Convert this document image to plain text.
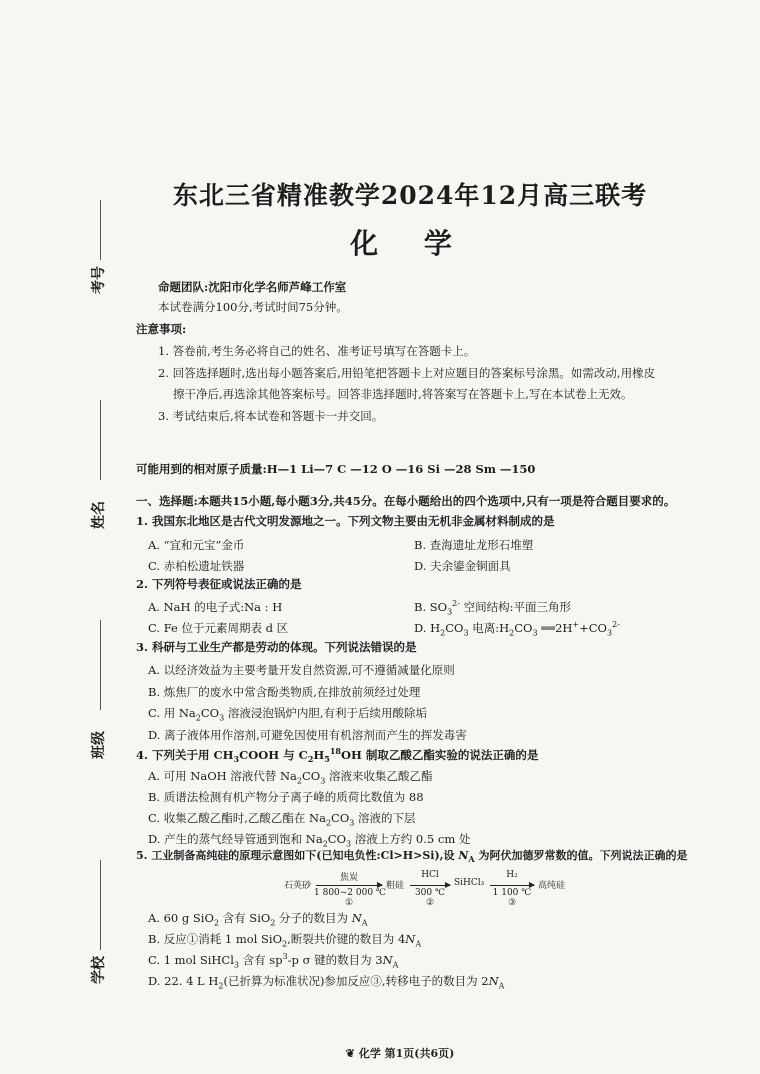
考号
姓名
班级
学校
东北三省精准教学2024年12月高三联考
化 学
命题团队:沈阳市化学名师芦峰工作室
本试卷满分100分,考试时间75分钟。
注意事项:
1. 答卷前,考生务必将自己的姓名、准考证号填写在答题卡上。
2. 回答选择题时,选出每小题答案后,用铅笔把答题卡上对应题目的答案标号涂黑。如需改动,用橡皮
擦干净后,再选涂其他答案标号。回答非选择题时,将答案写在答题卡上,写在本试卷上无效。
3. 考试结束后,将本试卷和答题卡一并交回。
可能用到的相对原子质量:H—1 Li—7 C —12 O —16 Si —28 Sm —150
一、选择题:本题共15小题,每小题3分,共45分。在每小题给出的四个选项中,只有一项是符合题目要求的。
1. 我国东北地区是古代文明发源地之一。下列文物主要由无机非金属材料制成的是
A. “宜和元宝”金币	B. 查海遗址龙形石堆塑
C. 赤柏松遗址铁器	D. 夫余鎏金铜面具
2. 下列符号表征或说法正确的是
A. NaH 的电子式:Na : H	B. $SO_3^{2-}$ 空间结构:平面三角形
C. Fe 位于元素周期表 d 区	D. $H_2CO_3$ 电离$:H_2CO_3$ $══2H^++CO_3^{2-}$
3. 科研与工业生产都是劳动的体现。下列说法错误的是
A. 以经济效益为主要考量开发自然资源,可不遵循减量化原则
B. 炼焦厂的废水中常含酚类物质,在排放前须经过处理
C. 用 $Na_2CO_3$ 溶液浸泡锅炉内胆,有利于后续用酸除垢
D. 离子液体用作溶剂,可避免因使用有机溶剂而产生的挥发毒害
4. 下列关于用 $CH_3COOH$ 与 $C_2H_5^{18}OH$ 制取乙酸乙酯实验的说法正确的是
A. 可用 NaOH 溶液代替 $Na_2CO_3$ 溶液来收集乙酸乙酯
B. 质谱法检测有机产物分子离子峰的质荷比数值为 88
C. 收集乙酸乙酯时,乙酸乙酯在 $Na_2CO_3$ 溶液的下层
D. 产生的蒸气经导管通到饱和 $Na_2CO_3$ 溶液上方约 0.5 cm 处
5. 工业制备高纯硅的原理示意图如下(已知电负性:Cl>H>Si),设 $N_A$ 为阿伏加德罗常数的值。下列说法正确的是
石英砂
焦炭
1 800~2 000 ℃
①
粗硅
HCl
300 ℃
②
SiHCl₃
H₂
1 100 ℃
③
高纯硅
A. 60 g SiO$_2$ 含有 SiO$_2$ 分子的数目为 $N_A$
B. 反应①消耗 1 mol SiO$_2$,断裂共价键的数目为 $4N_A$
C. 1 mol SiHCl$_3$ 含有 $sp^3-p$ σ 键的数目为 $3N_A$
D. 22. 4 L $H_2$(已折算为标准状况)参加反应③,转移电子的数目为 $2N_A$
❦ 化学 第1页(共6页)
